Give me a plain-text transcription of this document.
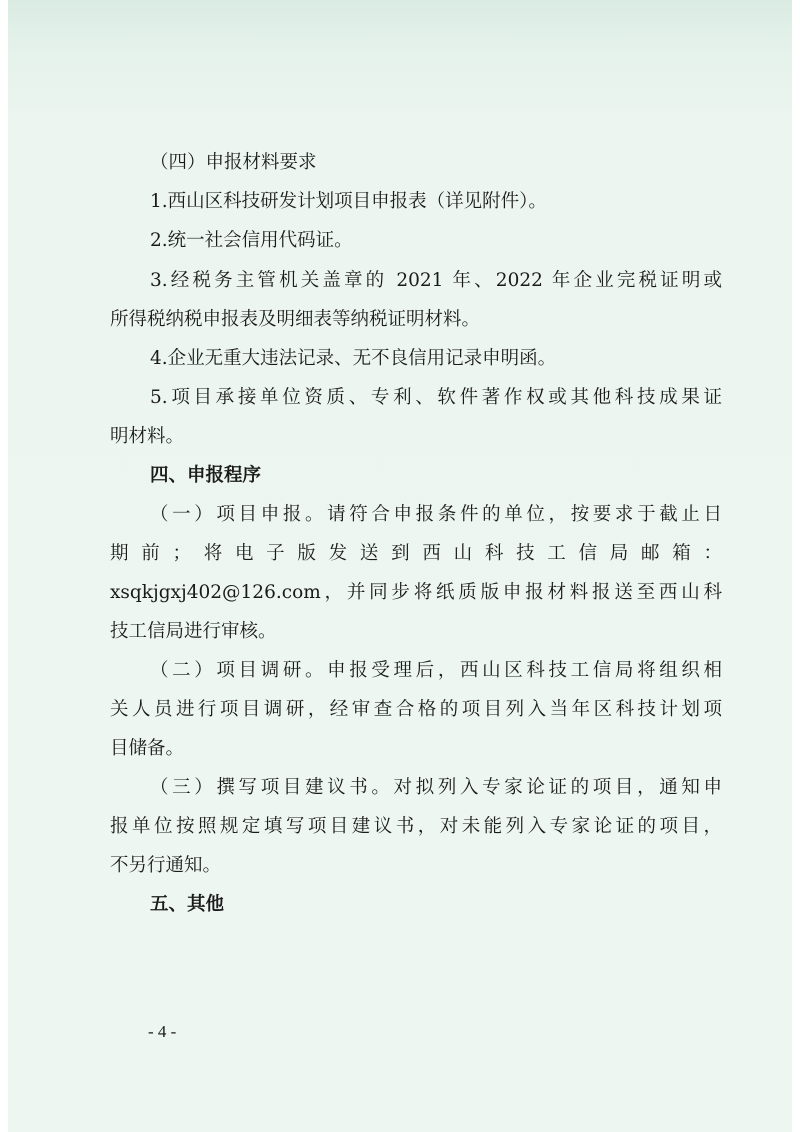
（四）申报材料要求
1.西山区科技研发计划项目申报表（详见附件）。
2.统一社会信用代码证。
3.经税务主管机关盖章的 2021 年、2022 年企业完税证明或
所得税纳税申报表及明细表等纳税证明材料。
4.企业无重大违法记录、无不良信用记录申明函。
5.项目承接单位资质、专利、软件著作权或其他科技成果证
明材料。
四、申报程序
（一）项目申报。请符合申报条件的单位，按要求于截止日
期前；将电子版发送到西山科技工信局邮箱：
xsqkjgxj402@126.com，并同步将纸质版申报材料报送至西山科
技工信局进行审核。
（二）项目调研。申报受理后，西山区科技工信局将组织相
关人员进行项目调研，经审查合格的项目列入当年区科技计划项
目储备。
（三）撰写项目建议书。对拟列入专家论证的项目，通知申
报单位按照规定填写项目建议书，对未能列入专家论证的项目，
不另行通知。
五、其他
- 4 -
